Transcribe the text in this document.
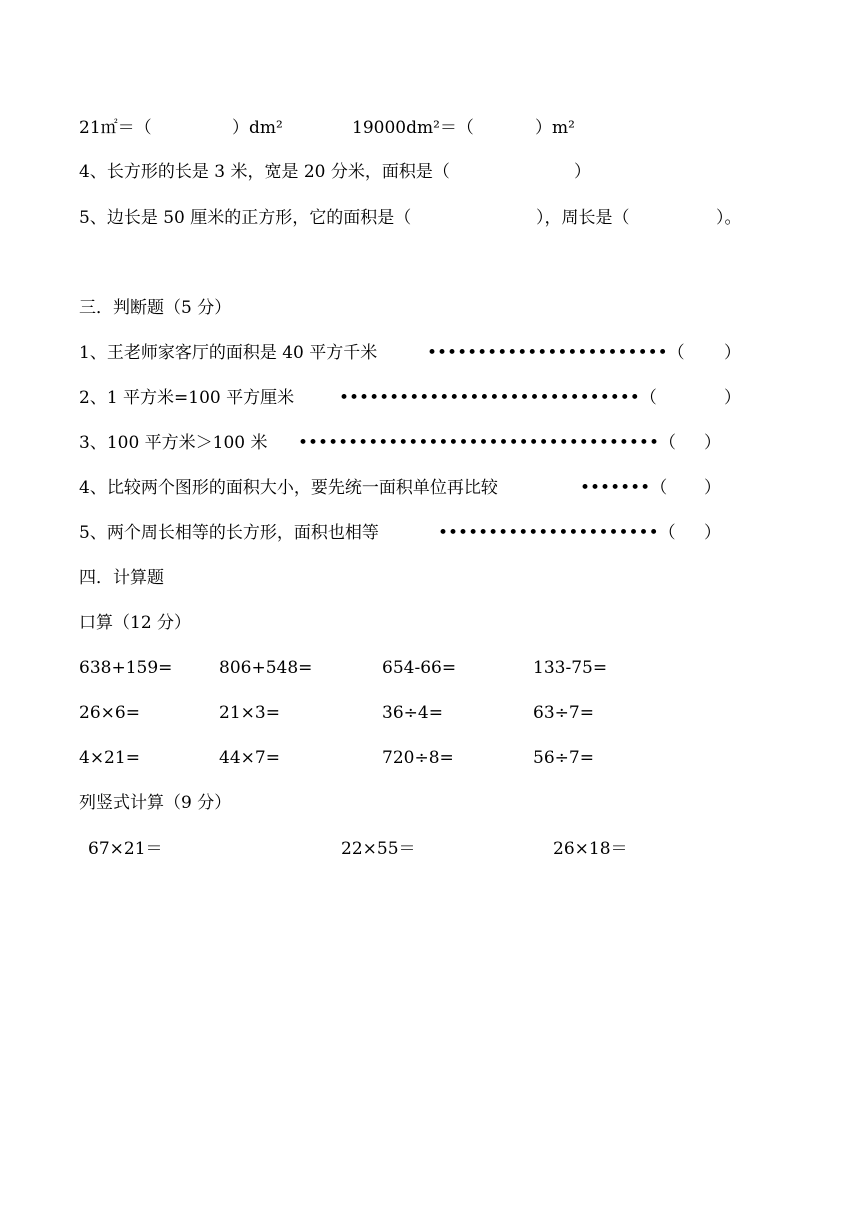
21㎡＝（	）dm²	19000dm²＝（	）m²
4、长方形的长是 3 米，宽是 20 分米，面积是（	）
5、边长是 50 厘米的正方形，它的面积是（	），周长是（	）。
三．判断题（5 分）
1、王老师家客厅的面积是 40 平方千米	••••••••••••••••••••••••（ ）
2、1 平方米=100 平方厘米	••••••••••••••••••••••••••••••（	）
3、100 平方米＞100 米 ••••••••••••••••••••••••••••••••••••（ ）
4、比较两个图形的面积大小，要先统一面积单位再比较	•••••••（ ）
5、两个周长相等的长方形，面积也相等	••••••••••••••••••••••（ ）
四．计算题
口算（12 分）
638+159=	806+548=	654-66=	133-75=
26×6=	21×3=	36÷4=	63÷7=
4×21=	44×7=	720÷8=	56÷7=
列竖式计算（9 分）
67×21＝	22×55＝	26×18＝
